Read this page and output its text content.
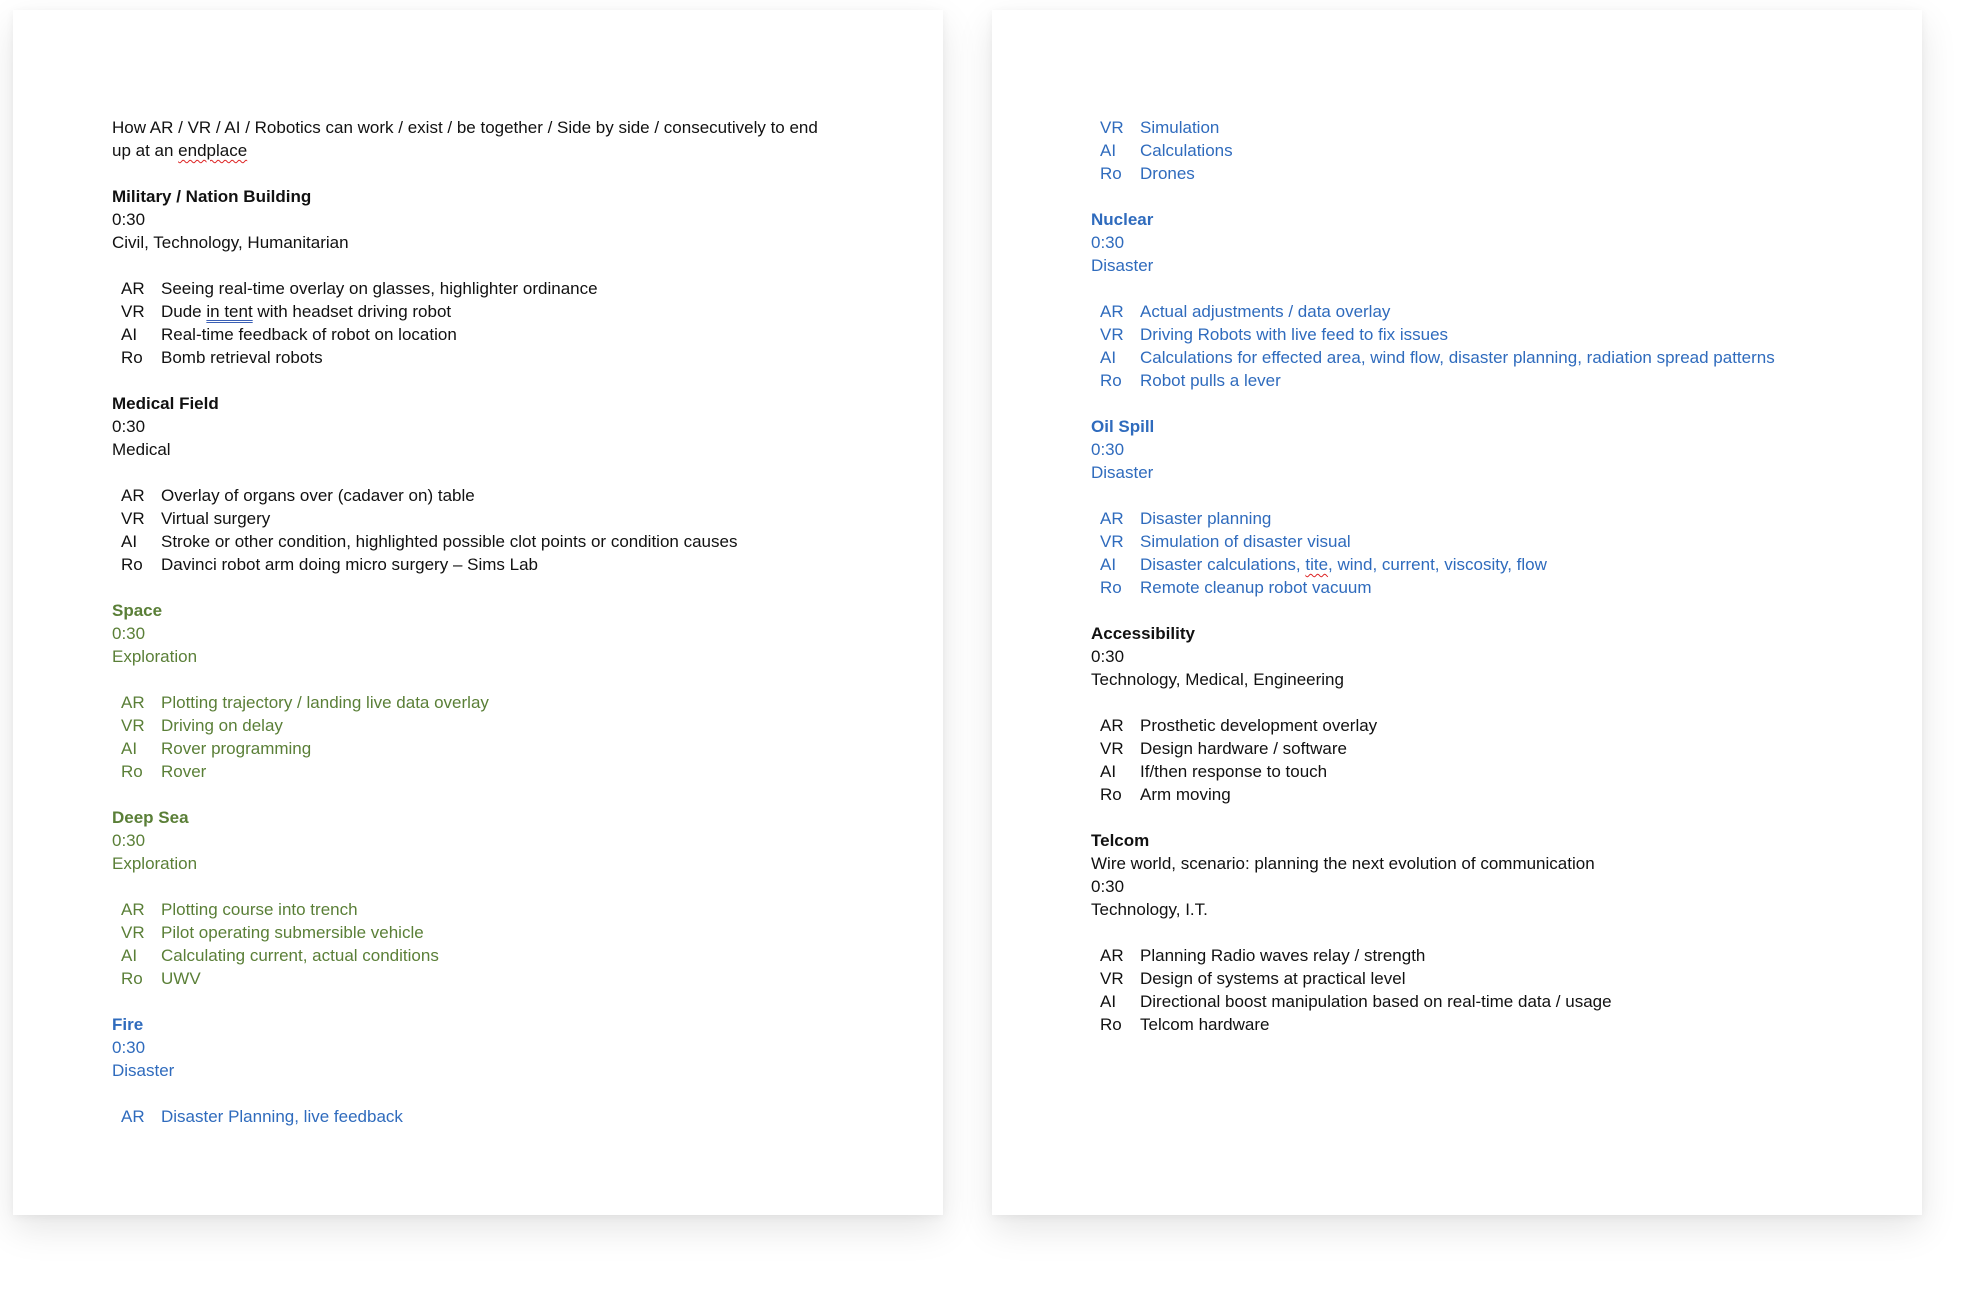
How AR / VR / AI / Robotics can work / exist / be together / Side by side / consecutively to end
up at an endplace
Military / Nation Building
0:30
Civil, Technology, Humanitarian
AR Seeing real-time overlay on glasses, highlighter ordinance
VR Dude in tent with headset driving robot
AI	Real-time feedback of robot on location
Ro	Bomb retrieval robots
Medical Field
0:30
Medical
AR Overlay of organs over (cadaver on) table
VR Virtual surgery
AI	Stroke or other condition, highlighted possible clot points or condition causes
Ro	Davinci robot arm doing micro surgery – Sims Lab
Space
0:30
Exploration
AR Plotting trajectory / landing live data overlay
VR Driving on delay
AI	Rover programming
Ro	Rover
Deep Sea
0:30
Exploration
AR Plotting course into trench
VR Pilot operating submersible vehicle
AI	Calculating current, actual conditions
Ro	UWV
Fire
0:30
Disaster
AR Disaster Planning, live feedback
VR Simulation
AI	Calculations
Ro	Drones
Nuclear
0:30
Disaster
AR Actual adjustments / data overlay
VR Driving Robots with live feed to fix issues
AI	Calculations for effected area, wind flow, disaster planning, radiation spread patterns
Ro	Robot pulls a lever
Oil Spill
0:30
Disaster
AR Disaster planning
VR Simulation of disaster visual
AI	Disaster calculations, tite, wind, current, viscosity, flow
Ro	Remote cleanup robot vacuum
Accessibility
0:30
Technology, Medical, Engineering
AR Prosthetic development overlay
VR Design hardware / software
AI	If/then response to touch
Ro	Arm moving
Telcom
Wire world, scenario: planning the next evolution of communication
0:30
Technology, I.T.
AR Planning Radio waves relay / strength
VR Design of systems at practical level
AI	Directional boost manipulation based on real-time data / usage
Ro	Telcom hardware
